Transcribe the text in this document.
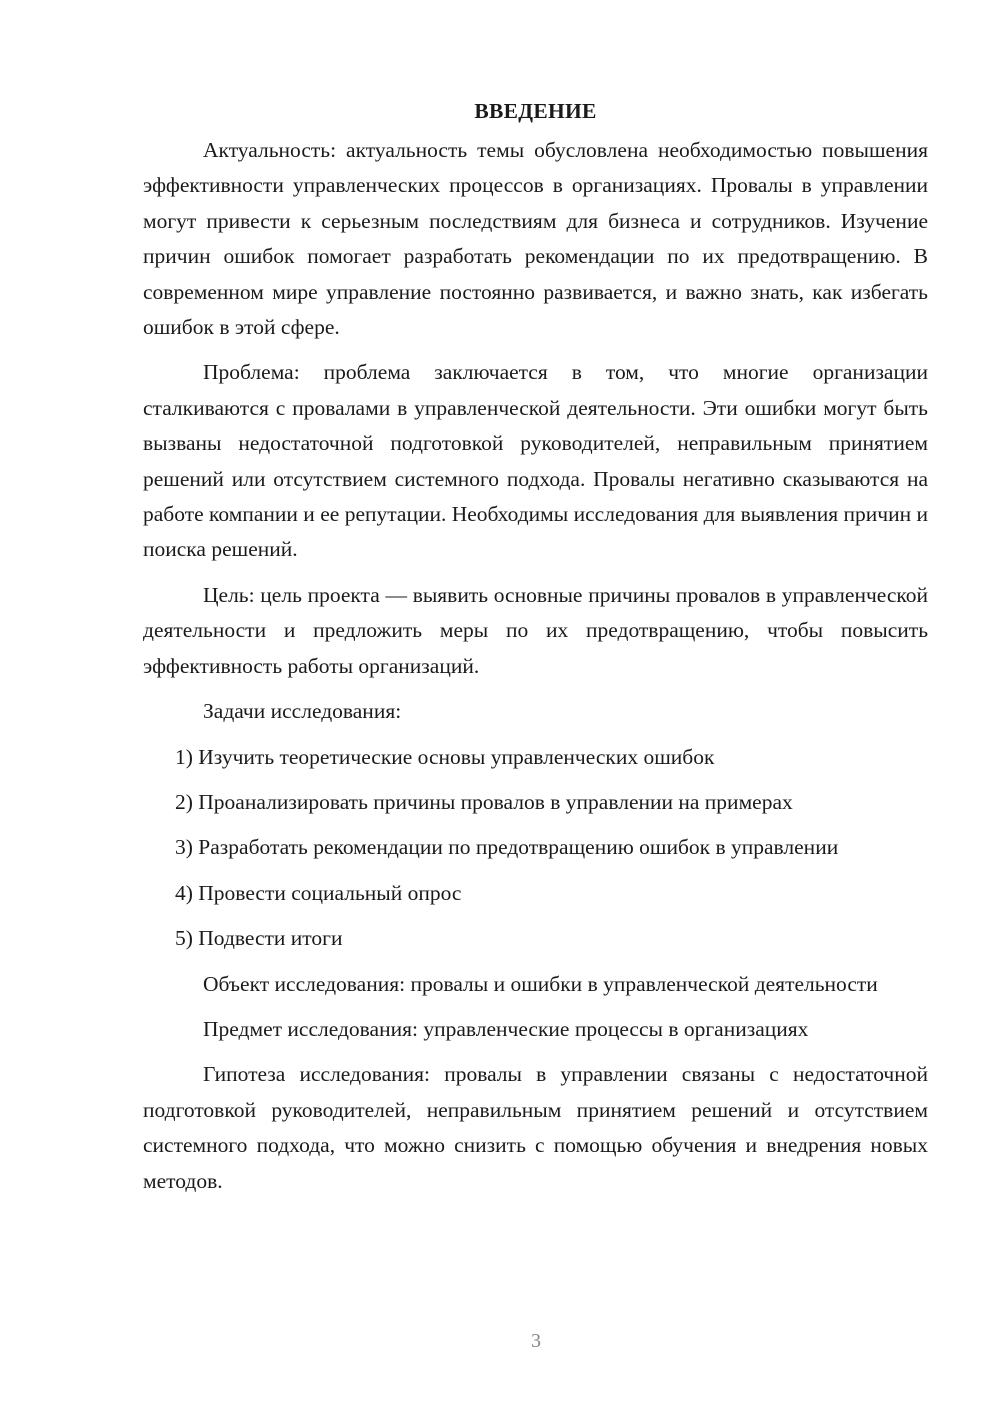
ВВЕДЕНИЕ

Актуальность: актуальность темы обусловлена необходимостью повышения эффективности управленческих процессов в организациях. Провалы в управлении могут привести к серьезным последствиям для бизнеса и сотрудников. Изучение причин ошибок помогает разработать рекомендации по их предотвращению. В современном мире управление постоянно развивается, и важно знать, как избегать ошибок в этой сфере.

Проблема: проблема заключается в том, что многие организации сталкиваются с провалами в управленческой деятельности. Эти ошибки могут быть вызваны недостаточной подготовкой руководителей, неправильным принятием решений или отсутствием системного подхода. Провалы негативно сказываются на работе компании и ее репутации. Необходимы исследования для выявления причин и поиска решений.

Цель: цель проекта — выявить основные причины провалов в управленческой деятельности и предложить меры по их предотвращению, чтобы повысить эффективность работы организаций.

Задачи исследования:

1) Изучить теоретические основы управленческих ошибок

2) Проанализировать причины провалов в управлении на примерах

3) Разработать рекомендации по предотвращению ошибок в управлении

4) Провести социальный опрос

5) Подвести итоги

Объект исследования: провалы и ошибки в управленческой деятельности

Предмет исследования: управленческие процессы в организациях

Гипотеза исследования: провалы в управлении связаны с недостаточной подготовкой руководителей, неправильным принятием решений и отсутствием системного подхода, что можно снизить с помощью обучения и внедрения новых методов.

3
